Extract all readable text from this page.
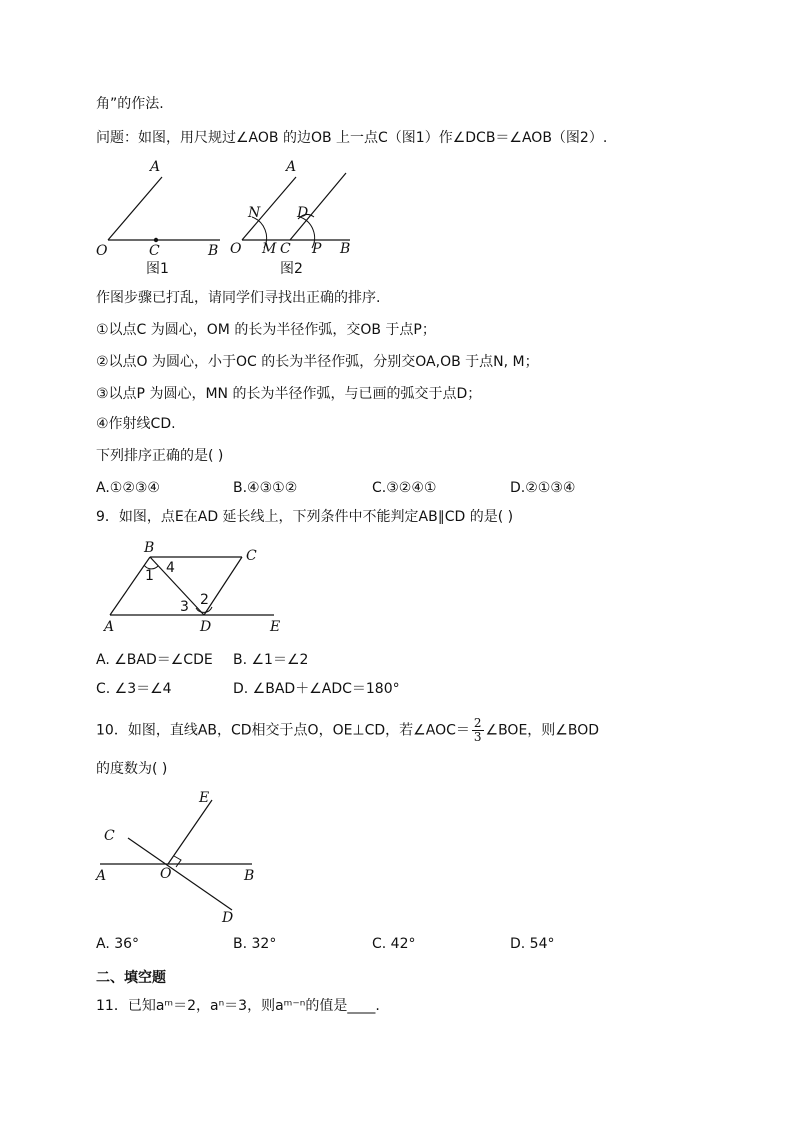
角”的作法.
问题：如图，用尺规过∠AOB 的边OB 上一点C（图1）作∠DCB＝∠AOB（图2）.
A
O	C	B
图1
A
N	D
O M C P B
图2
作图步骤已打乱，请同学们寻找出正确的排序.
①以点C 为圆心，OM 的长为半径作弧，交OB 于点P；
②以点O 为圆心，小于OC 的长为半径作弧，分别交OA,OB 于点N, M；
③以点P 为圆心，MN 的长为半径作弧，与已画的弧交于点D；
④作射线CD.
下列排序正确的是( )
A.①②③④	B.④③①②	C.③②④①	D.②①③④
9．如图，点E在AD 延长线上，下列条件中不能判定AB∥CD 的是( )
B	C
1 4
3 2
A	D	E
A. ∠BAD＝∠CDE B. ∠1＝∠2
C. ∠3＝∠4	D. ∠BAD＋∠ADC＝180°
10．如图，直线AB，CD相交于点O，OE⊥CD，若∠AOC＝ $\frac{2}{3}$ ∠BOE，则∠BOD
的度数为( )
E
C
A	O	B
D
A. 36°	B. 32°	C. 42°	D. 54°
二、填空题
11．已知aᵐ＝2，aⁿ＝3，则aᵐ⁻ⁿ的值是____.
